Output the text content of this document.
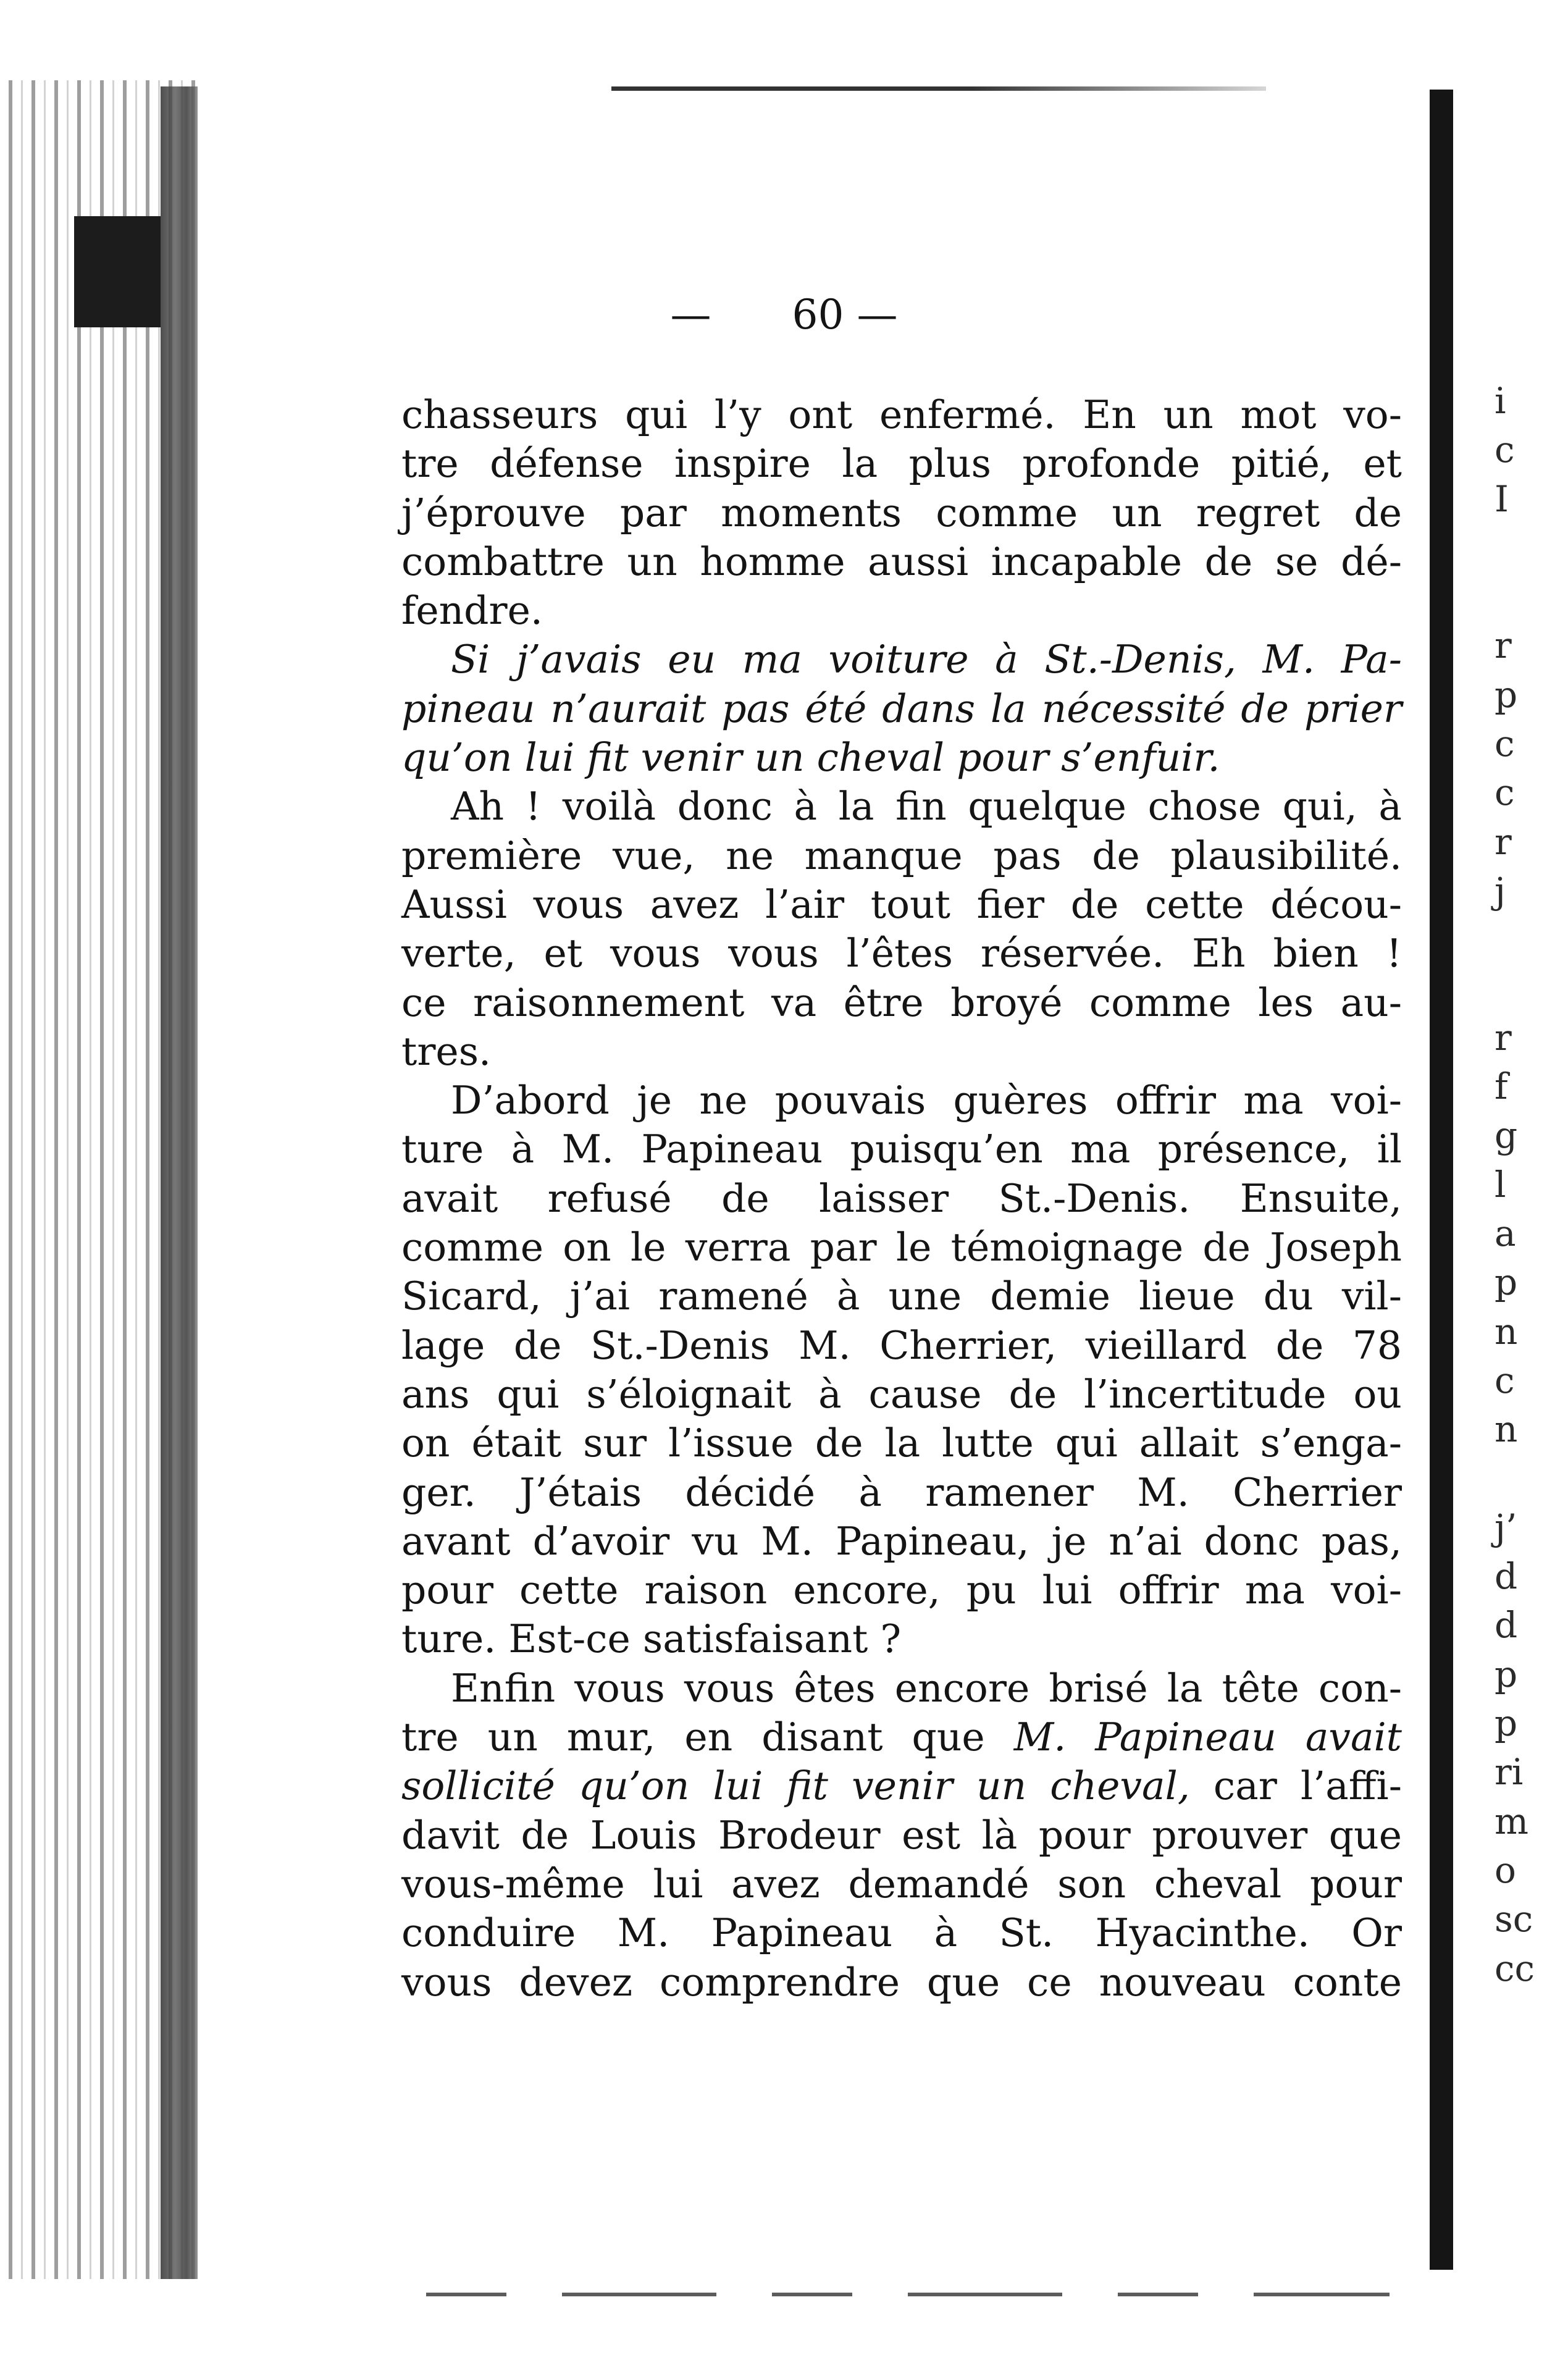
— 60 —
chasseurs qui l’y ont enfermé. En un mot vo-
tre défense inspire la plus profonde pitié, et
j’éprouve par moments comme un regret de
combattre un homme aussi incapable de se dé-
fendre.
Si j’avais eu ma voiture à St.-Denis, M. Pa-
pineau n’aurait pas été dans la nécessité de prier
qu’on lui fit venir un cheval pour s’enfuir.
Ah ! voilà donc à la fin quelque chose qui, à
première vue, ne manque pas de plausibilité.
Aussi vous avez l’air tout fier de cette décou-
verte, et vous vous l’êtes réservée. Eh bien !
ce raisonnement va être broyé comme les au-
tres.
D’abord je ne pouvais guères offrir ma voi-
ture à M. Papineau puisqu’en ma présence, il
avait refusé de laisser St.-Denis. Ensuite,
comme on le verra par le témoignage de Joseph
Sicard, j’ai ramené à une demie lieue du vil-
lage de St.-Denis M. Cherrier, vieillard de 78
ans qui s’éloignait à cause de l’incertitude ou
on était sur l’issue de la lutte qui allait s’enga-
ger. J’étais décidé à ramener M. Cherrier
avant d’avoir vu M. Papineau, je n’ai donc pas,
pour cette raison encore, pu lui offrir ma voi-
ture. Est-ce satisfaisant ?
Enfin vous vous êtes encore brisé la tête con-
tre un mur, en disant que M. Papineau avait
sollicité qu’on lui fit venir un cheval, car l’affi-
davit de Louis Brodeur est là pour prouver que
vous-même lui avez demandé son cheval pour
conduire M. Papineau à St. Hyacinthe. Or
vous devez comprendre que ce nouveau conte
i
c
I
r
p
c
c
r
j
r
f
g
l
a
p
n
c
n
j’
d
d
p
p
ri
m
o
sc
cc
